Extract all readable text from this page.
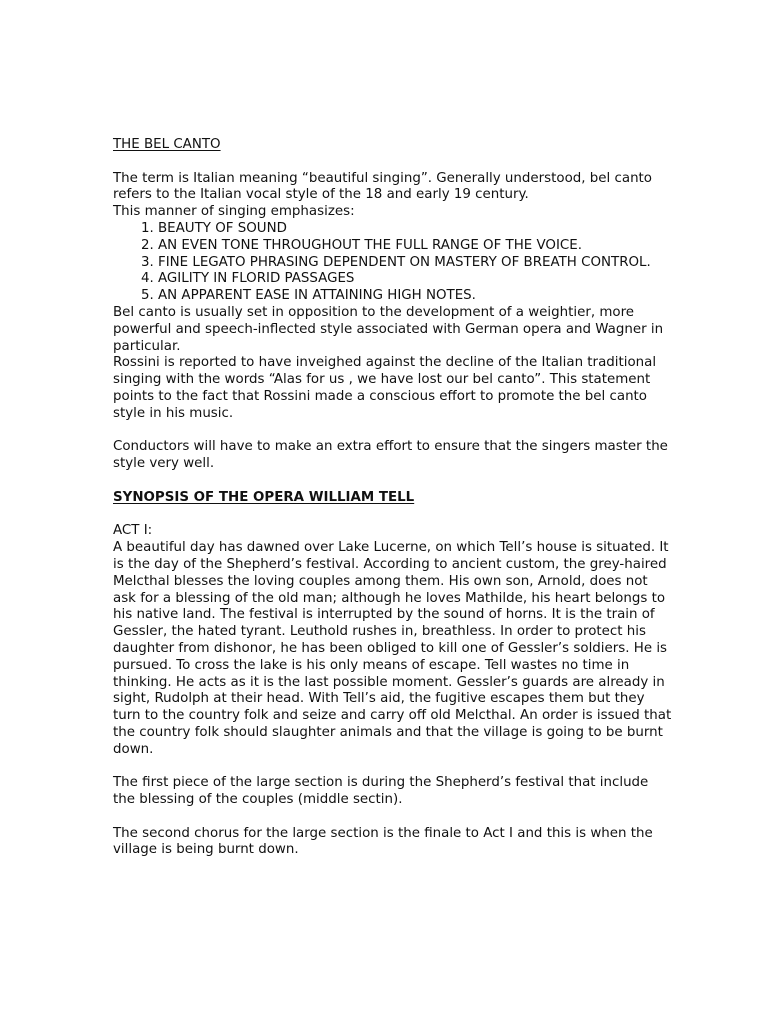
THE BEL CANTO

The term is Italian meaning “beautiful singing”. Generally understood, bel canto refers to the Italian vocal style of the 18 and early 19 century.

This manner of singing emphasizes:

1. BEAUTY OF SOUND
2. AN EVEN TONE THROUGHOUT THE FULL RANGE OF THE VOICE.
3. FINE LEGATO PHRASING DEPENDENT ON MASTERY OF BREATH CONTROL.
4. AGILITY IN FLORID PASSAGES
5. AN APPARENT EASE IN ATTAINING HIGH NOTES.

Bel canto is usually set in opposition to the development of a weightier, more powerful and speech-inflected style associated with German opera and Wagner in particular.

Rossini is reported to have inveighed against the decline of the Italian traditional singing with the words “Alas for us , we have lost our bel canto”. This statement points to the fact that Rossini made a conscious effort to promote the bel canto style in his music.

Conductors will have to make an extra effort to ensure that the singers master the style very well.

SYNOPSIS OF THE OPERA WILLIAM TELL

ACT I:

A beautiful day has dawned over Lake Lucerne, on which Tell’s house is situated. It is the day of the Shepherd’s festival. According to ancient custom, the grey-haired Melcthal blesses the loving couples among them. His own son, Arnold, does not ask for a blessing of the old man; although he loves Mathilde, his heart belongs to his native land. The festival is interrupted by the sound of horns. It is the train of Gessler, the hated tyrant. Leuthold rushes in, breathless. In order to protect his daughter from dishonor, he has been obliged to kill one of Gessler’s soldiers. He is pursued. To cross the lake is his only means of escape. Tell wastes no time in thinking. He acts as it is the last possible moment. Gessler’s guards are already in sight, Rudolph at their head. With Tell’s aid, the fugitive escapes them but they turn to the country folk and seize and carry off old Melcthal. An order is issued that the country folk should slaughter animals and that the village is going to be burnt down.

The first piece of the large section is during the Shepherd’s festival that include the blessing of the couples (middle sectin).

The second chorus for the large section is the finale to Act I and this is when the village is being burnt down.
